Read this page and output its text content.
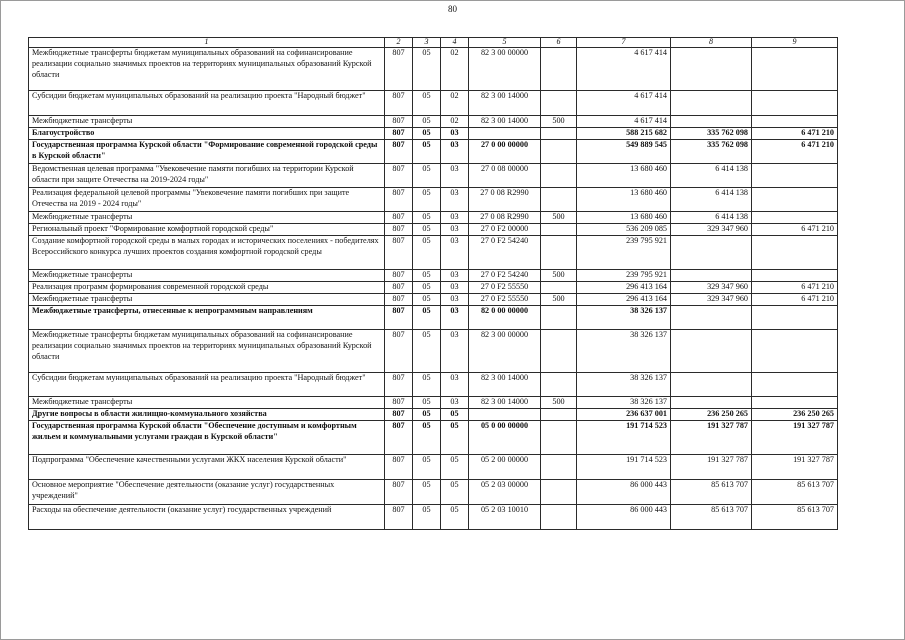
80
1	2	3	4	5	6	7	8	9
Межбюджетные трансферты бюджетам муниципальных образований на софинансирование реализации социально значимых проектов на территориях муниципальных образований Курской области	807	05	02	82 3 00 00000		4 617 414		
Субсидии бюджетам муниципальных образований на реализацию проекта "Народный бюджет"	807	05	02	82 3 00 14000		4 617 414		
Межбюджетные трансферты	807	05	02	82 3 00 14000	500	4 617 414		
Благоустройство	807	05	03			588 215 682	335 762 098	6 471 210
Государственная программа Курской области "Формирование современной городской среды в Курской области"	807	05	03	27 0 00 00000		549 889 545	335 762 098	6 471 210
Ведомственная целевая программа "Увековечение памяти погибших на территории Курской области при защите Отечества на 2019-2024 годы"	807	05	03	27 0 08 00000		13 680 460	6 414 138	
Реализация федеральной целевой программы "Увековечение памяти погибших при защите Отечества на 2019 - 2024 годы"	807	05	03	27 0 08 R2990		13 680 460	6 414 138	
Межбюджетные трансферты	807	05	03	27 0 08 R2990	500	13 680 460	6 414 138	
Региональный проект "Формирование комфортной городской среды"	807	05	03	27 0 F2 00000		536 209 085	329 347 960	6 471 210
Создание комфортной городской среды в малых городах и исторических поселениях - победителях Всероссийского конкурса лучших проектов создания комфортной городской среды	807	05	03	27 0 F2 54240		239 795 921		
Межбюджетные трансферты	807	05	03	27 0 F2 54240	500	239 795 921		
Реализация программ формирования современной городской среды	807	05	03	27 0 F2 55550		296 413 164	329 347 960	6 471 210
Межбюджетные трансферты	807	05	03	27 0 F2 55550	500	296 413 164	329 347 960	6 471 210
Межбюджетные трансферты, отнесенные к непрограммным направлениям	807	05	03	82 0 00 00000		38 326 137		
Межбюджетные трансферты бюджетам муниципальных образований на софинансирование реализации социально значимых проектов на территориях муниципальных образований Курской области	807	05	03	82 3 00 00000		38 326 137		
Субсидии бюджетам муниципальных образований на реализацию проекта "Народный бюджет"	807	05	03	82 3 00 14000		38 326 137		
Межбюджетные трансферты	807	05	03	82 3 00 14000	500	38 326 137		
Другие вопросы в области жилищно-коммунального хозяйства	807	05	05			236 637 001	236 250 265	236 250 265
Государственная программа Курской области "Обеспечение доступным и комфортным жильем и коммунальными услугами граждан в Курской области"	807	05	05	05 0 00 00000		191 714 523	191 327 787	191 327 787
Подпрограмма "Обеспечение качественными услугами ЖКХ населения Курской области"	807	05	05	05 2 00 00000		191 714 523	191 327 787	191 327 787
Основное мероприятие "Обеспечение деятельности (оказание услуг) государственных учреждений"	807	05	05	05 2 03 00000		86 000 443	85 613 707	85 613 707
Расходы на обеспечение деятельности (оказание услуг) государственных учреждений	807	05	05	05 2 03 10010		86 000 443	85 613 707	85 613 707
